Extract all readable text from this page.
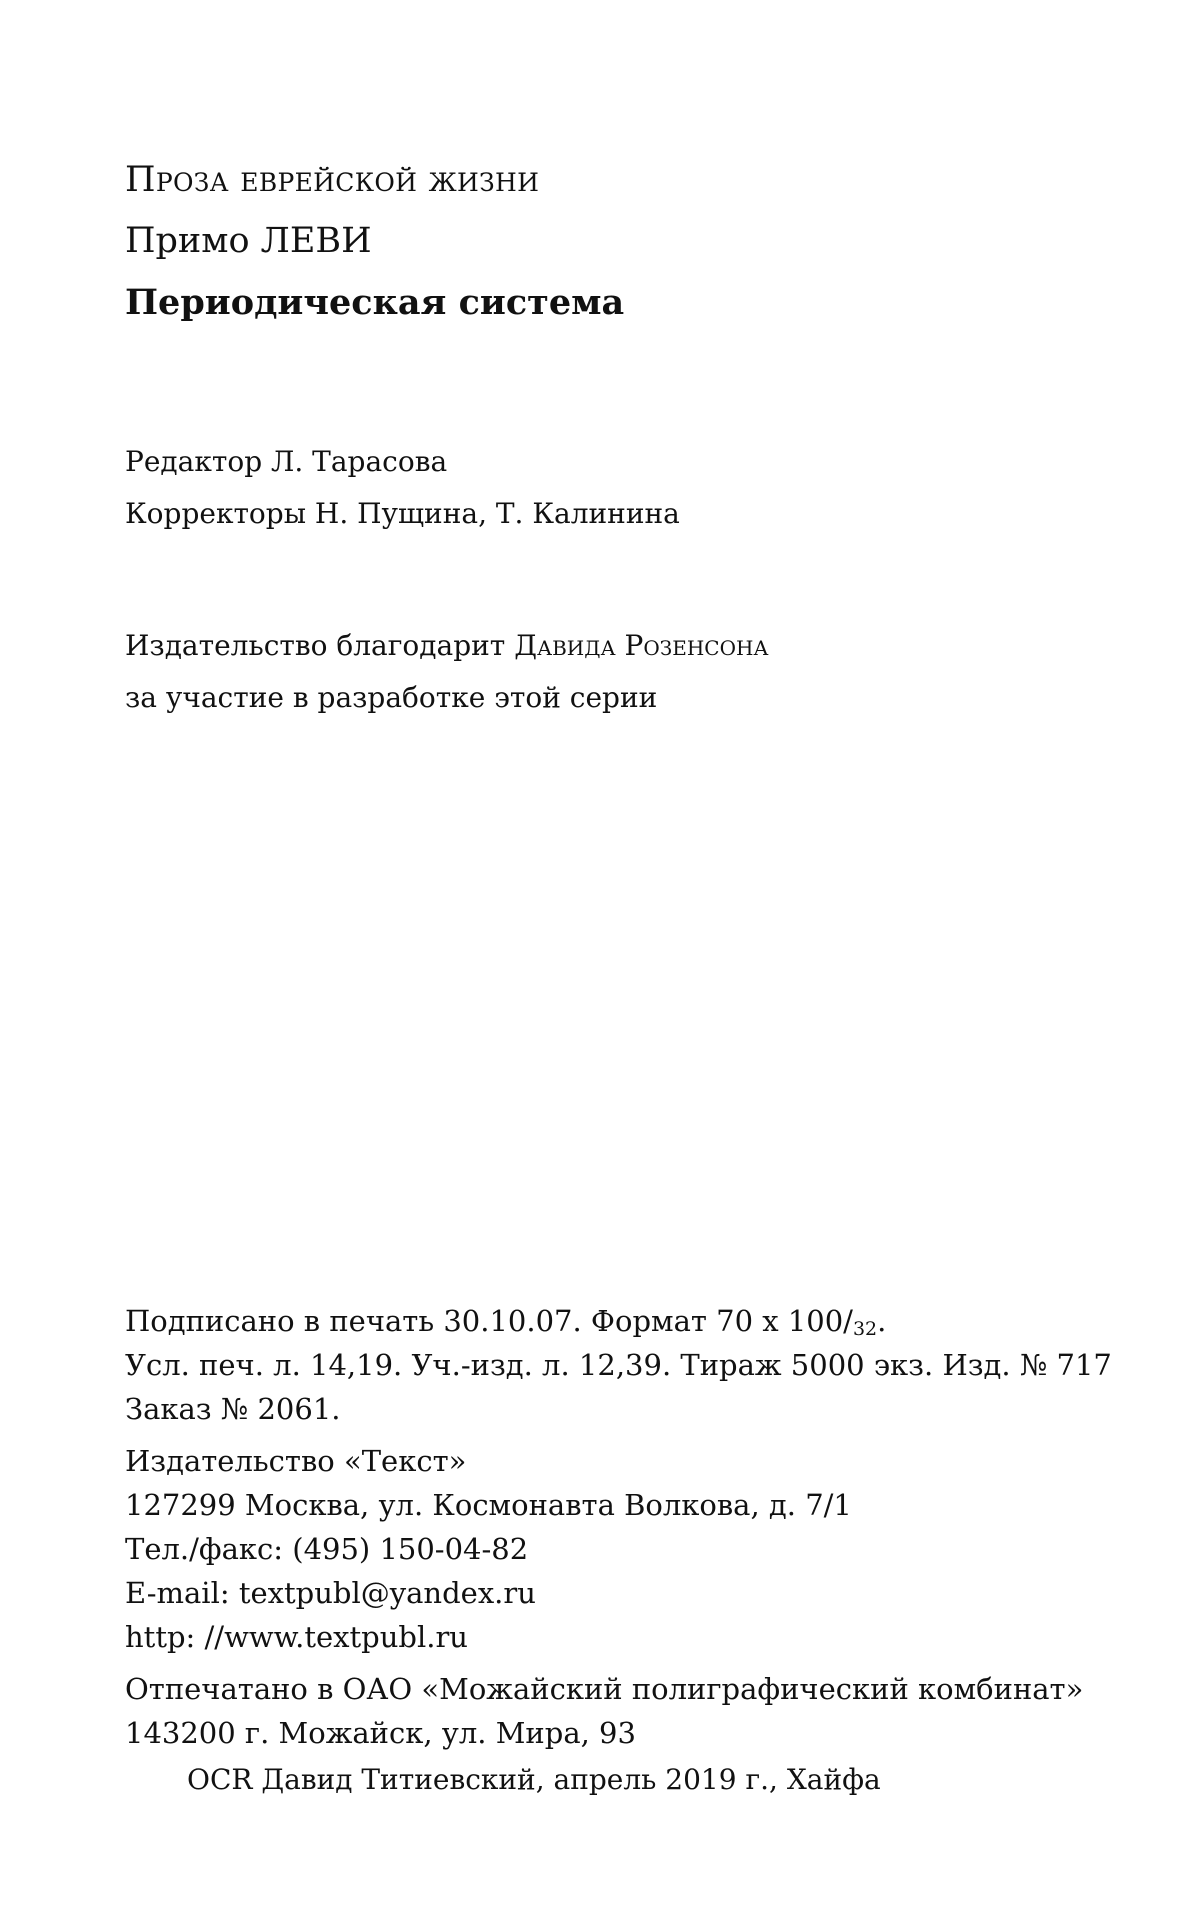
Проза еврейской жизни
Примо ЛЕВИ
Периодическая система
Редактор Л. Тарасова
Корректоры Н. Пущина, Т. Калинина
Издательство благодарит Давида Розенсона
за участие в разработке этой серии
Подписано в печать 30.10.07. Формат 70 х 100/32.
Усл. печ. л. 14,19. Уч.-изд. л. 12,39. Тираж 5000 экз. Изд. № 717
Заказ № 2061.
Издательство «Текст»
127299 Москва, ул. Космонавта Волкова, д. 7/1
Тел./факс: (495) 150-04-82
E-mail: textpubl@yandex.ru
http: //www.textpubl.ru
Отпечатано в ОАО «Можайский полиграфический комбинат»
143200 г. Можайск, ул. Мира, 93
OCR Давид Титиевский, апрель 2019 г., Хайфа
